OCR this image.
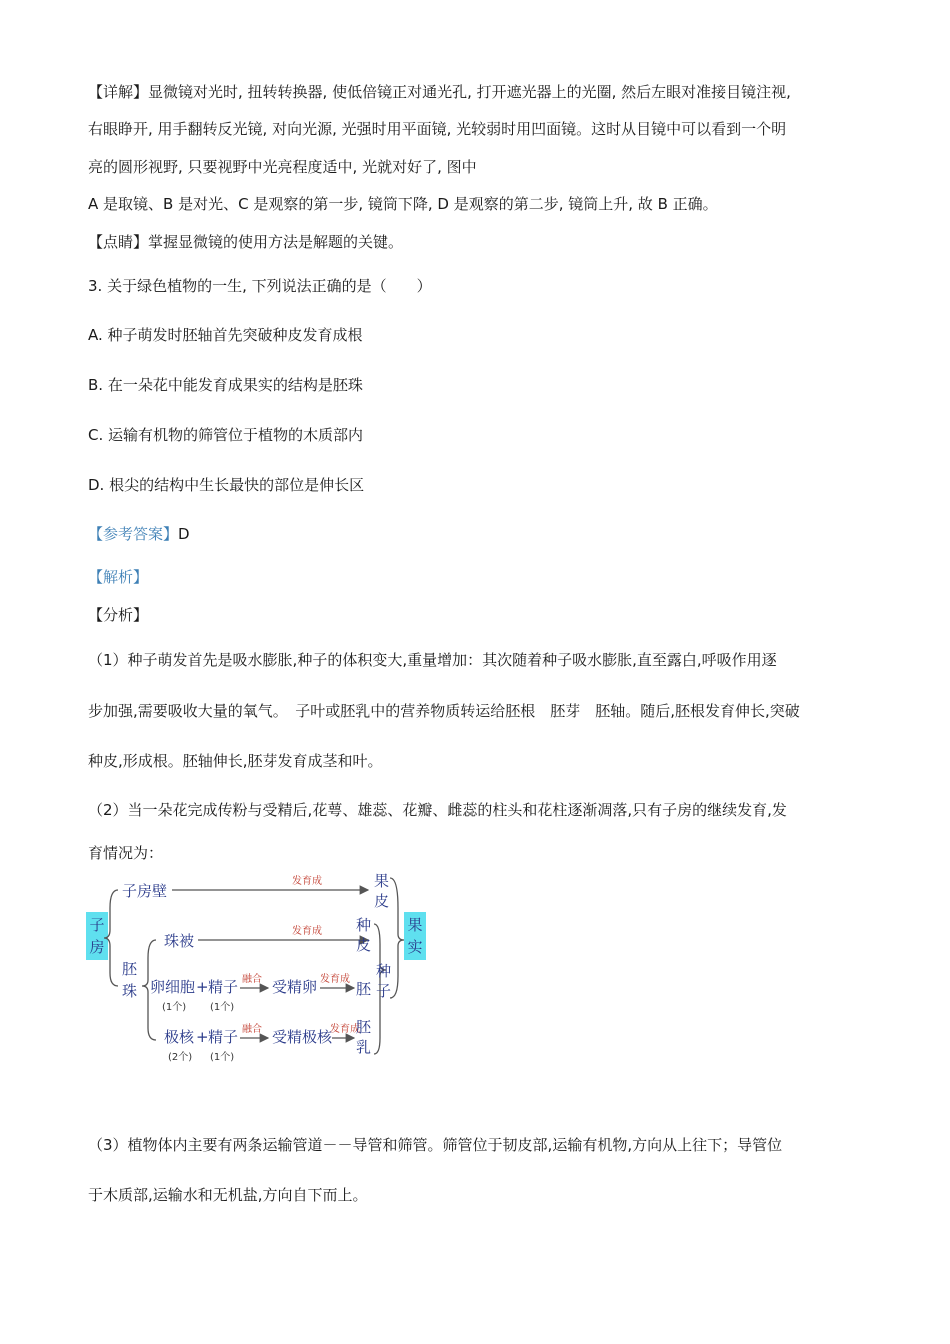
【详解】显微镜对光时, 扭转转换器, 使低倍镜正对通光孔, 打开遮光器上的光圈, 然后左眼对准接目镜注视,
右眼睁开, 用手翻转反光镜, 对向光源, 光强时用平面镜, 光较弱时用凹面镜。这时从目镜中可以看到一个明
亮的圆形视野, 只要视野中光亮程度适中, 光就对好了, 图中
A 是取镜、B 是对光、C 是观察的第一步, 镜筒下降, D 是观察的第二步, 镜筒上升, 故 B 正确。
【点睛】掌握显微镜的使用方法是解题的关键。
3. 关于绿色植物的一生, 下列说法正确的是（　　）
A. 种子萌发时胚轴首先突破种皮发育成根
B. 在一朵花中能发育成果实的结构是胚珠
C. 运输有机物的筛管位于植物的木质部内
D. 根尖的结构中生长最快的部位是伸长区
【参考答案】D
【解析】
【分析】
（1）种子萌发首先是吸水膨胀,种子的体积变大,重量增加：其次随着种子吸水膨胀,直至露白,呼吸作用逐
步加强,需要吸收大量的氧气。　子叶或胚乳中的营养物质转运给胚根　胚芽　胚轴。随后,胚根发育伸长,突破
种皮,形成根。胚轴伸长,胚芽发育成茎和叶。
（2）当一朵花完成传粉与受精后,花萼、雄蕊、花瓣、雌蕊的柱头和花柱逐渐凋落,只有子房的继续发育,发
育情况为：
子
房
子房壁
发育成
胚
珠
珠被
发育成
卵细胞 + 精子
(1个) (1个)
融合 受精卵 发育成
极核 + 精子
(2个) (1个)
融合 受精极核
发育成
果
皮
种
皮
胚
胚
乳
种
子
果
实
（3）植物体内主要有两条运输管道－－导管和筛管。筛管位于韧皮部,运输有机物,方向从上往下；导管位
于木质部,运输水和无机盐,方向自下而上。
